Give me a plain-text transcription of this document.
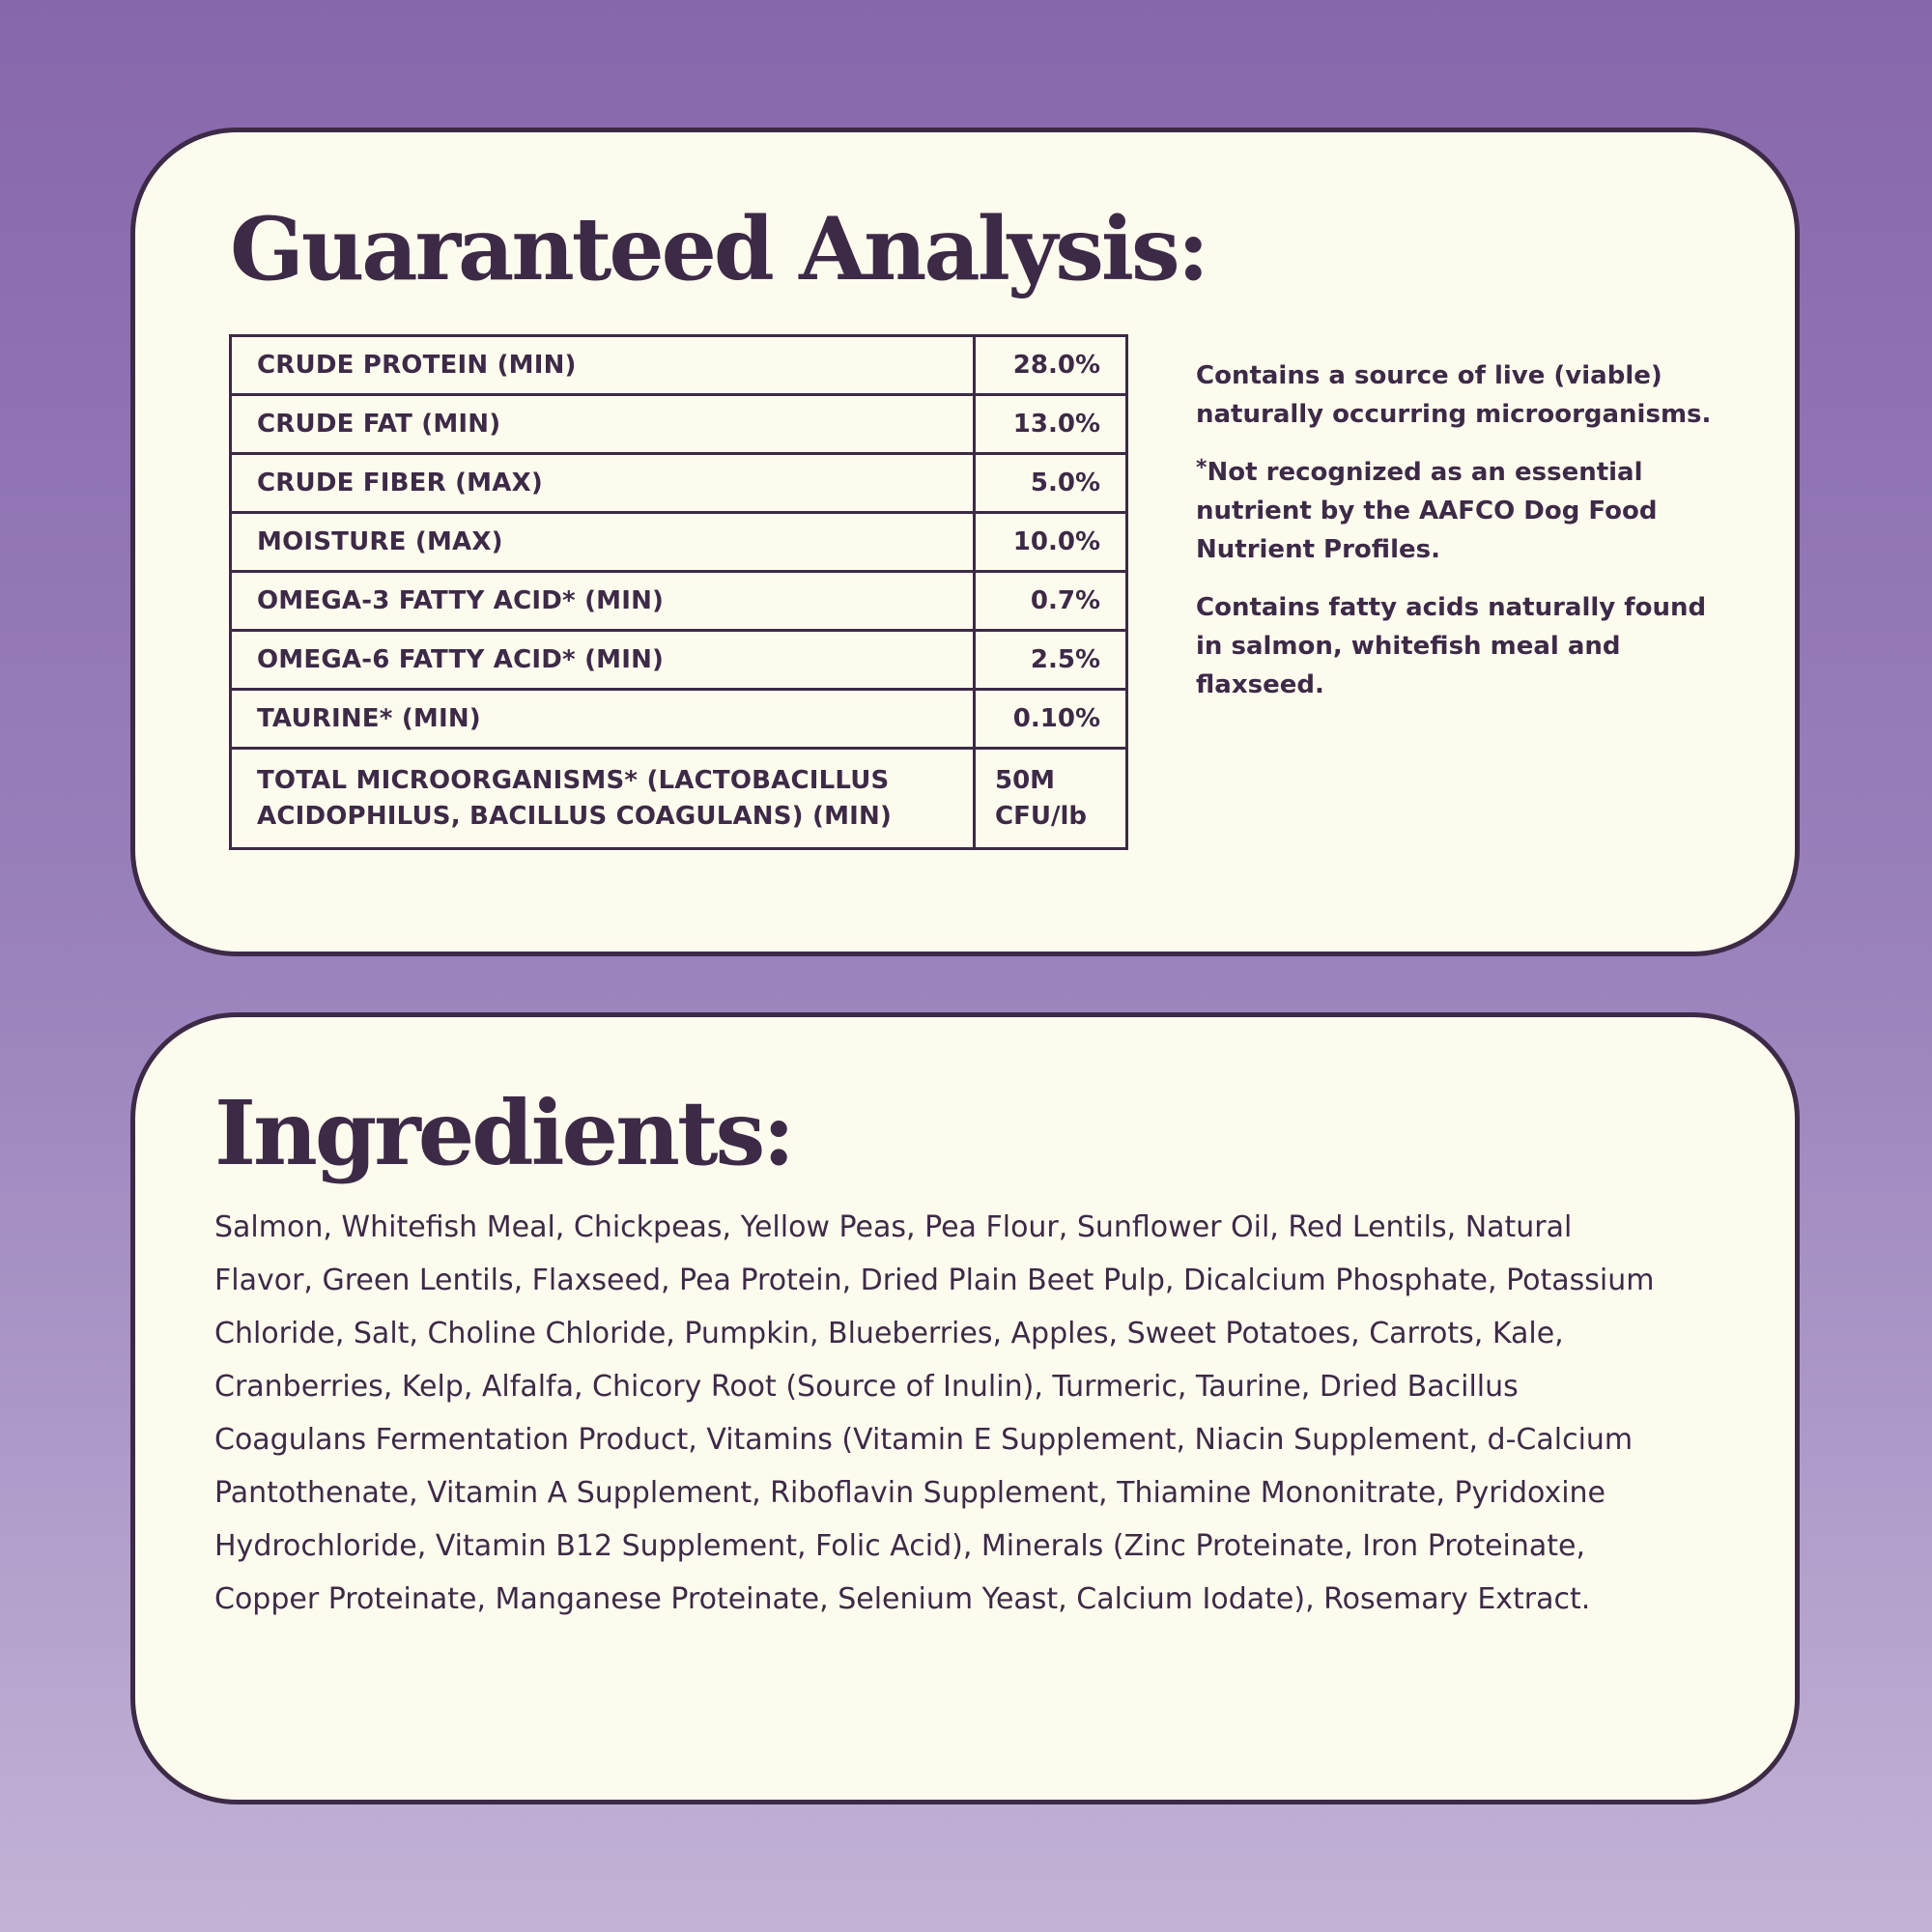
Guaranteed Analysis:
CRUDE PROTEIN (MIN)	28.0%
CRUDE FAT (MIN)	13.0%
CRUDE FIBER (MAX)	5.0%
MOISTURE (MAX)	10.0%
OMEGA-3 FATTY ACID* (MIN)	0.7%
OMEGA-6 FATTY ACID* (MIN)	2.5%
TAURINE* (MIN)	0.10%
TOTAL MICROORGANISMS* (LACTOBACILLUS ACIDOPHILUS, BACILLUS COAGULANS) (MIN)	50M CFU/lb

Contains a source of live (viable) naturally occurring microorganisms.

*Not recognized as an essential nutrient by the AAFCO Dog Food Nutrient Profiles.

Contains fatty acids naturally found in salmon, whitefish meal and flaxseed.

Ingredients:

Salmon, Whitefish Meal, Chickpeas, Yellow Peas, Pea Flour, Sunflower Oil, Red Lentils, Natural Flavor, Green Lentils, Flaxseed, Pea Protein, Dried Plain Beet Pulp, Dicalcium Phosphate, Potassium Chloride, Salt, Choline Chloride, Pumpkin, Blueberries, Apples, Sweet Potatoes, Carrots, Kale, Cranberries, Kelp, Alfalfa, Chicory Root (Source of Inulin), Turmeric, Taurine, Dried Bacillus Coagulans Fermentation Product, Vitamins (Vitamin E Supplement, Niacin Supplement, d-Calcium Pantothenate, Vitamin A Supplement, Riboflavin Supplement, Thiamine Mononitrate, Pyridoxine Hydrochloride, Vitamin B12 Supplement, Folic Acid), Minerals (Zinc Proteinate, Iron Proteinate, Copper Proteinate, Manganese Proteinate, Selenium Yeast, Calcium Iodate), Rosemary Extract.
